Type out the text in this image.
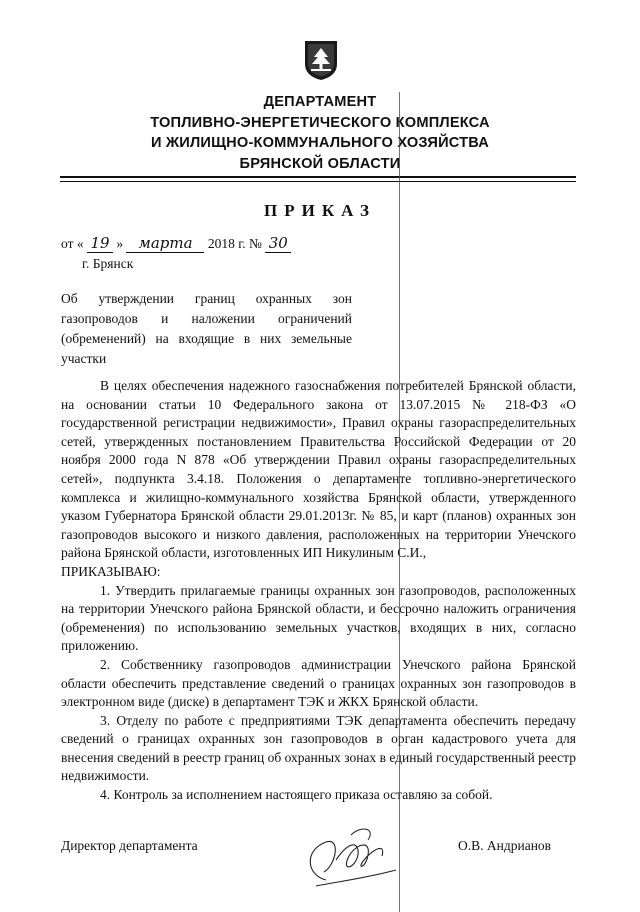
ДЕПАРТАМЕНТ
ТОПЛИВНО-ЭНЕРГЕТИЧЕСКОГО КОМПЛЕКСА
И ЖИЛИЩНО-КОММУНАЛЬНОГО ХОЗЯЙСТВА
БРЯНСКОЙ ОБЛАСТИ
ПРИКАЗ
от « 19 » марта 2018 г. № 30
г. Брянск
Об утверждении границ охранных зон газопроводов и наложении ограничений (обременений) на входящие в них земельные участки

В целях обеспечения надежного газоснабжения потребителей Брянской области, на основании статьи 10 Федерального закона от 13.07.2015 № 218-ФЗ «О государственной регистрации недвижимости», Правил охраны газораспределительных сетей, утвержденных постановлением Правительства Российской Федерации от 20 ноября 2000 года N 878 «Об утверждении Правил охраны газораспределительных сетей», подпункта 3.4.18. Положения о департаменте топливно-энергетического комплекса и жилищно-коммунального хозяйства Брянской области, утвержденного указом Губернатора Брянской области 29.01.2013г. № 85, и карт (планов) охранных зон газопроводов высокого и низкого давления, расположенных на территории Унечского района Брянской области, изготовленных ИП Никулиным С.И.,

ПРИКАЗЫВАЮ:

1. Утвердить прилагаемые границы охранных зон газопроводов, расположенных на территории Унечского района Брянской области, и бессрочно наложить ограничения (обременения) по использованию земельных участков, входящих в них, согласно приложению.

2. Собственнику газопроводов администрации Унечского района Брянской области обеспечить представление сведений о границах охранных зон газопроводов в электронном виде (диске) в департамент ТЭК и ЖКХ Брянской области.

3. Отделу по работе с предприятиями ТЭК департамента обеспечить передачу сведений о границах охранных зон газопроводов в орган кадастрового учета для внесения сведений в реестр границ об охранных зонах в единый государственный реестр недвижимости.

4. Контроль за исполнением настоящего приказа оставляю за собой.

Директор департамента	О.В. Андрианов
